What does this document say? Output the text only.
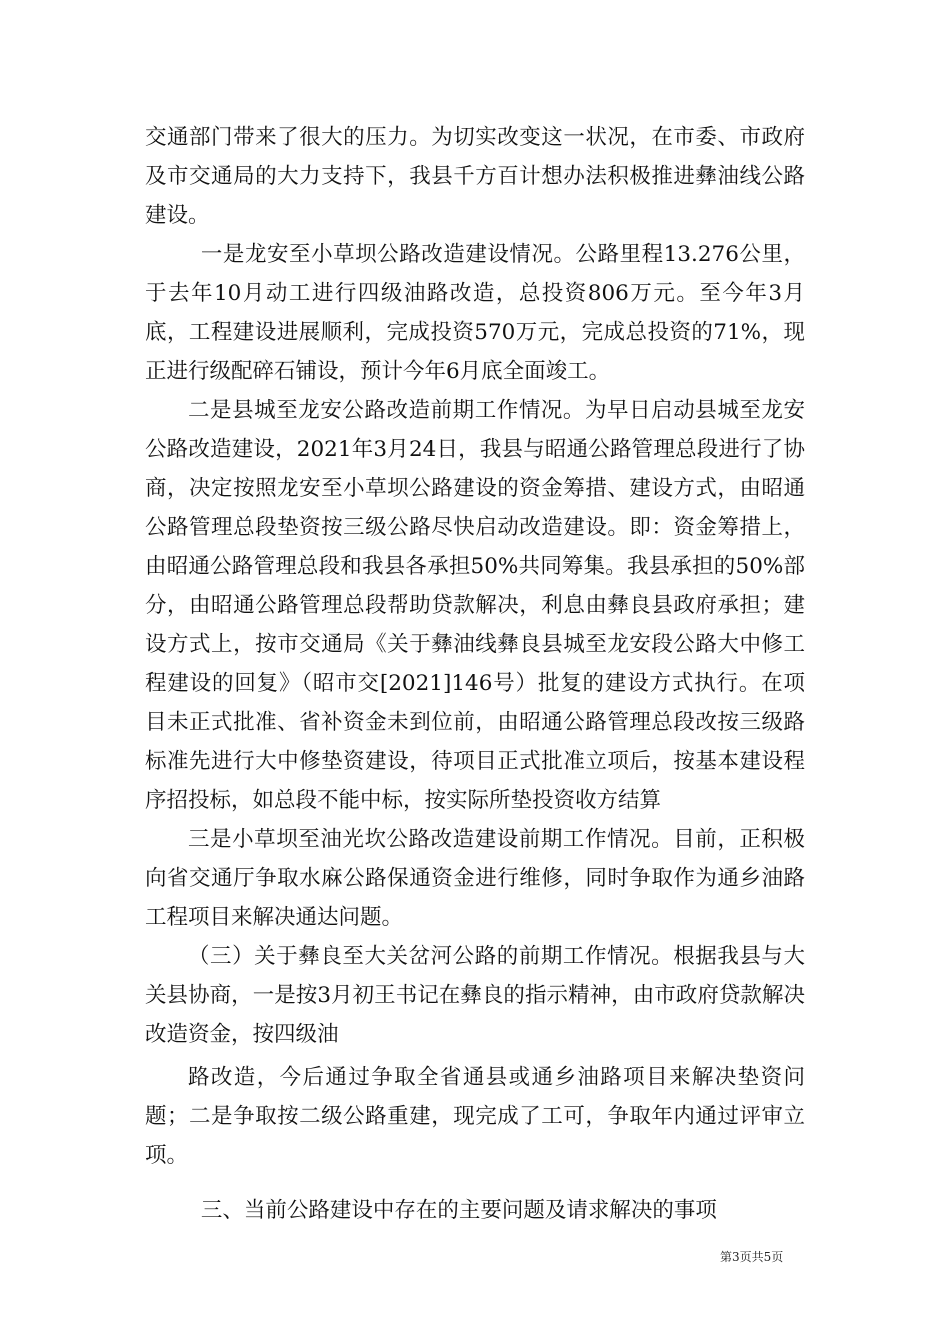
交通部门带来了很大的压力。为切实改变这一状况，在市委、市政府及市交通局的大力支持下，我县千方百计想办法积极推进彝油线公路建设。

一是龙安至小草坝公路改造建设情况。公路里程13.276公里，于去年10月动工进行四级油路改造，总投资806万元。至今年3月底，工程建设进展顺利，完成投资570万元，完成总投资的71%，现正进行级配碎石铺设，预计今年6月底全面竣工。

二是县城至龙安公路改造前期工作情况。为早日启动县城至龙安公路改造建设，2021年3月24日，我县与昭通公路管理总段进行了协商，决定按照龙安至小草坝公路建设的资金筹措、建设方式，由昭通公路管理总段垫资按三级公路尽快启动改造建设。即：资金筹措上，由昭通公路管理总段和我县各承担50%共同筹集。我县承担的50%部分，由昭通公路管理总段帮助贷款解决，利息由彝良县政府承担；建设方式上，按市交通局《关于彝油线彝良县城至龙安段公路大中修工程建设的回复》（昭市交[2021]146号）批复的建设方式执行。在项目未正式批准、省补资金未到位前，由昭通公路管理总段改按三级路标准先进行大中修垫资建设，待项目正式批准立项后，按基本建设程序招投标，如总段不能中标，按实际所垫投资收方结算

三是小草坝至油光坎公路改造建设前期工作情况。目前，正积极向省交通厅争取水麻公路保通资金进行维修，同时争取作为通乡油路工程项目来解决通达问题。

（三）关于彝良至大关岔河公路的前期工作情况。根据我县与大关县协商，一是按3月初王书记在彝良的指示精神，由市政府贷款解决改造资金，按四级油

路改造，今后通过争取全省通县或通乡油路项目来解决垫资问题；二是争取按二级公路重建，现完成了工可，争取年内通过评审立项。

三、当前公路建设中存在的主要问题及请求解决的事项

第3页共5页
